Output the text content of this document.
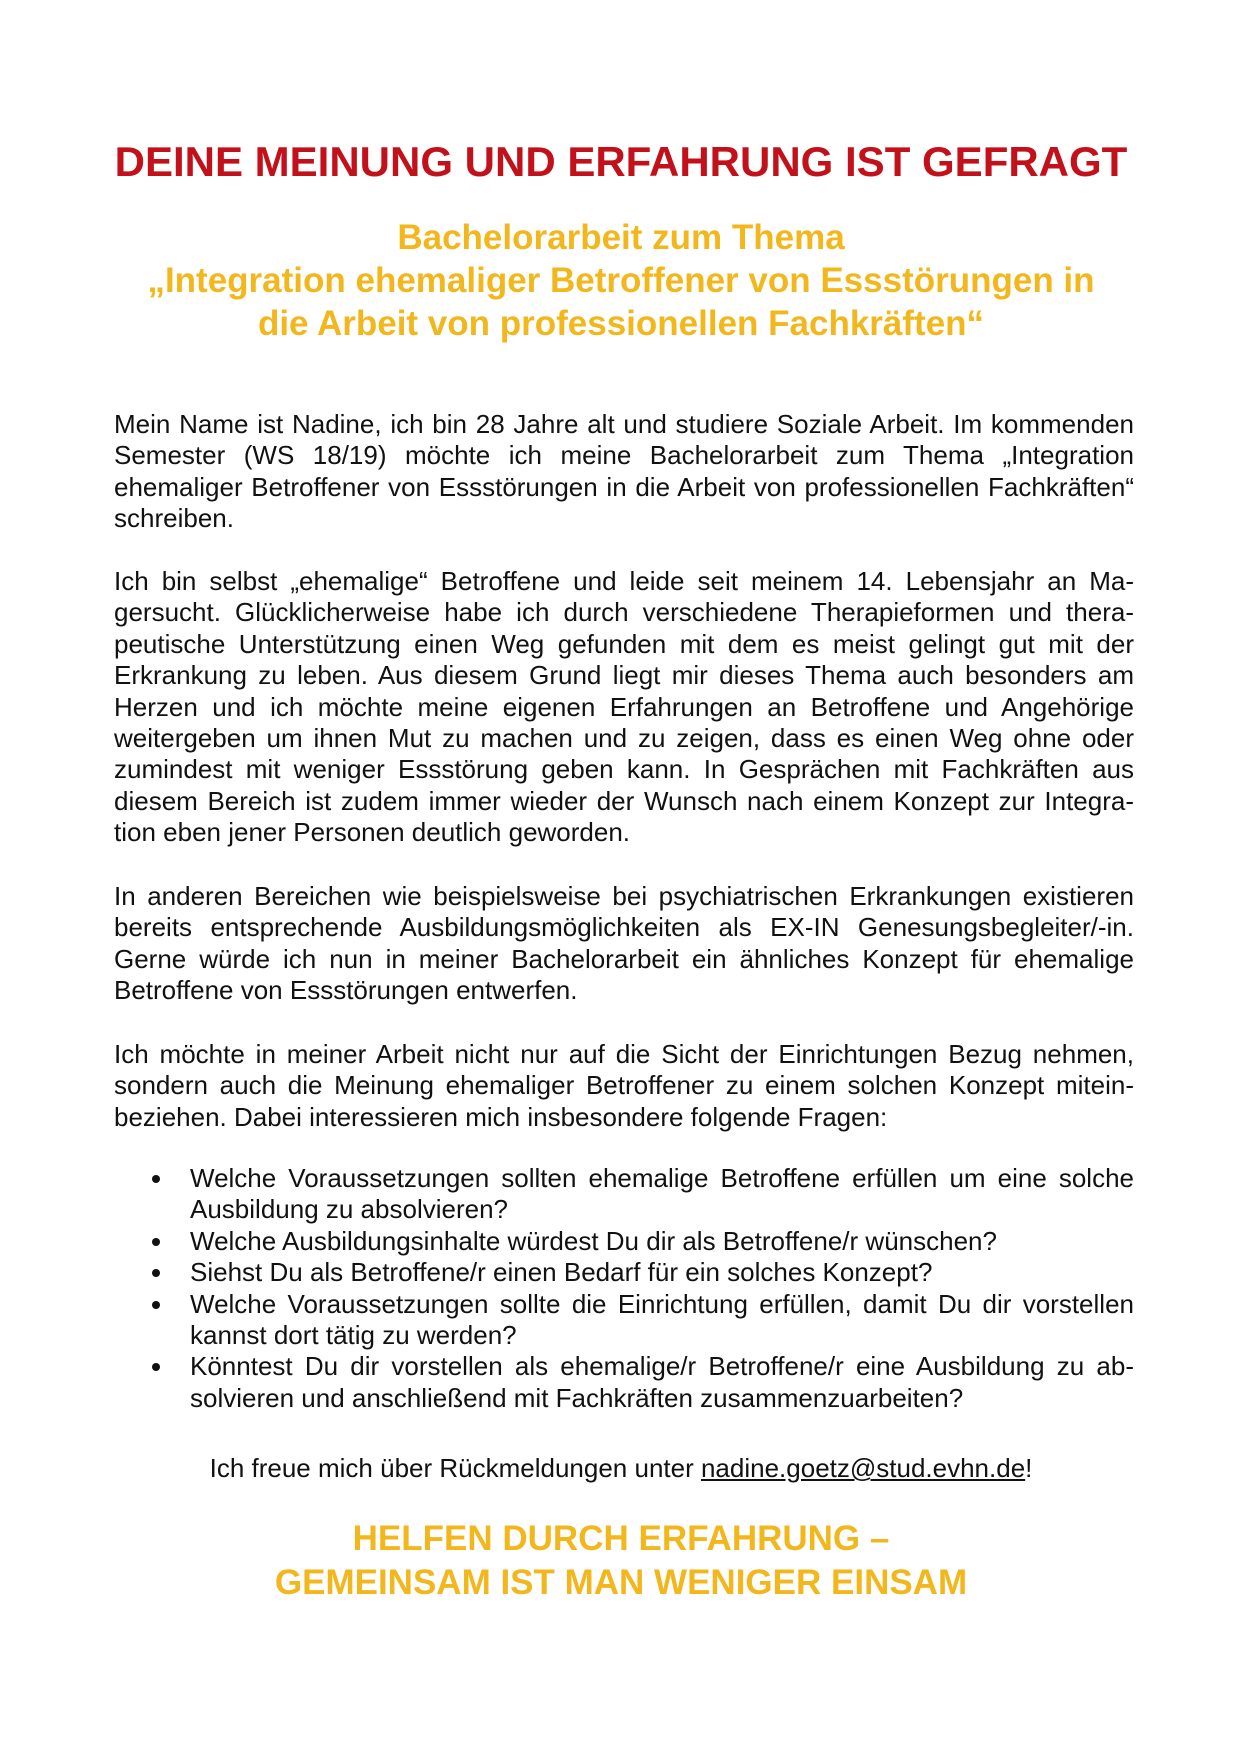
DEINE MEINUNG UND ERFAHRUNG IST GEFRAGT
Bachelorarbeit zum Thema
„Integration ehemaliger Betroffener von Essstörungen in
die Arbeit von professionellen Fachkräften“

Mein Name ist Nadine, ich bin 28 Jahre alt und studiere Soziale Arbeit. Im kommenden Semester (WS 18/19) möchte ich meine Bachelorarbeit zum Thema „Integration ehemaliger Betroffener von Essstörungen in die Arbeit von professionellen Fachkräften“ schreiben.

Ich bin selbst „ehemalige“ Betroffene und leide seit meinem 14. Lebensjahr an Magersucht. Glücklicherweise habe ich durch verschiedene Therapieformen und therapeutische Unterstützung einen Weg gefunden mit dem es meist gelingt gut mit der Erkrankung zu leben. Aus diesem Grund liegt mir dieses Thema auch besonders am Herzen und ich möchte meine eigenen Erfahrungen an Betroffene und Angehörige weitergeben um ihnen Mut zu machen und zu zeigen, dass es einen Weg ohne oder zumindest mit weniger Essstörung geben kann. In Gesprächen mit Fachkräften aus diesem Bereich ist zudem immer wieder der Wunsch nach einem Konzept zur Integration eben jener Personen deutlich geworden.

In anderen Bereichen wie beispielsweise bei psychiatrischen Erkrankungen existieren bereits entsprechende Ausbildungsmöglichkeiten als EX-IN Genesungsbegleiter/-in. Gerne würde ich nun in meiner Bachelorarbeit ein ähnliches Konzept für ehemalige Betroffene von Essstörungen entwerfen.

Ich möchte in meiner Arbeit nicht nur auf die Sicht der Einrichtungen Bezug nehmen, sondern auch die Meinung ehemaliger Betroffener zu einem solchen Konzept miteinbeziehen. Dabei interessieren mich insbesondere folgende Fragen:

Welche Voraussetzungen sollten ehemalige Betroffene erfüllen um eine solche Ausbildung zu absolvieren?
Welche Ausbildungsinhalte würdest Du dir als Betroffene/r wünschen?
Siehst Du als Betroffene/r einen Bedarf für ein solches Konzept?
Welche Voraussetzungen sollte die Einrichtung erfüllen, damit Du dir vorstellen kannst dort tätig zu werden?
Könntest Du dir vorstellen als ehemalige/r Betroffene/r eine Ausbildung zu absolvieren und anschließend mit Fachkräften zusammenzuarbeiten?

Ich freue mich über Rückmeldungen unter nadine.goetz@stud.evhn.de!

HELFEN DURCH ERFAHRUNG –
GEMEINSAM IST MAN WENIGER EINSAM
